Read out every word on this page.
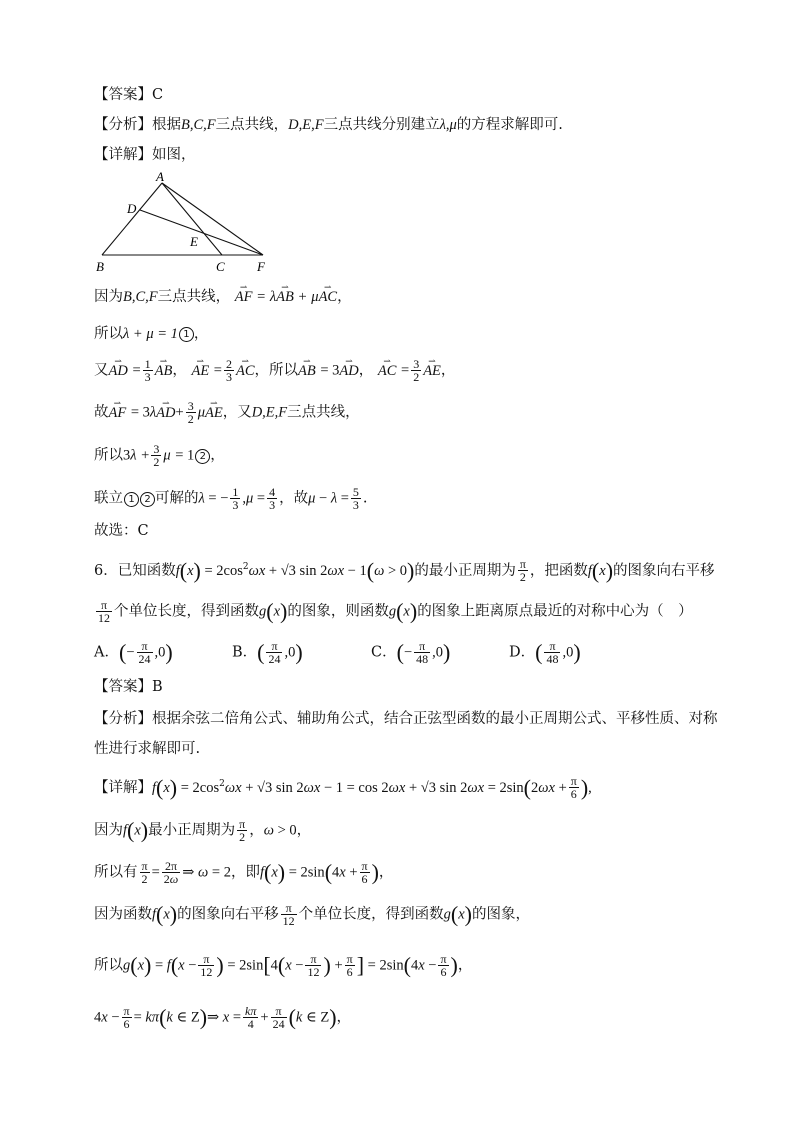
【答案】C
【分析】根据B,C,F三点共线，D,E,F三点共线分别建立λ,μ的方程求解即可.
【详解】如图，
A
D
E
B	C F
因为B,C,F三点共线， ⇀ AF = λ⇀ AB + μ⇀ AC，
所以λ + μ = 1 1 ，
又⇀ AD = $\frac{1}{3}$ ⇀ AB， ⇀ AE = $\frac{2}{3}$ ⇀ AC，所以⇀ AB = 3⇀ AD， ⇀ AC = $\frac{3}{2}$ ⇀ AE，
故⇀ AF = 3λ⇀ $AD+ \frac{3}{2}$ μ⇀ AE，又D,E,F三点共线，
所以$3\lambda + \frac{3}{2}$ μ = 1 2 ，
联立 1 2 可解的λ = − $\frac{1}{3} ,\mu = \frac{4}{3}$ ，故$\mu - \lambda = \frac{5}{3}$ .
故选：C
6．已知函数$f(x) = 2\cos^2\omega x + √3$ sin 2ωx − 1(ω > 0)的最小正周期为 $\frac{\pi}{2}$ ，把函数f(x)的图象向右平移
$\frac{\pi}{12}$ 个单位长度，得到函数g(x)的图象，则函数g(x)的图象上距离原点最近的对称中心为（　）
A．(− $\frac{\pi}{24} ,0$)	B．( $\frac{\pi}{24} ,0$)	C．(− $\frac{\pi}{48} ,0$)	D．( $\frac{\pi}{48} ,0$)
【答案】B
【分析】根据余弦二倍角公式、辅助角公式，结合正弦型函数的最小正周期公式、平移性质、对称
性进行求解即可.
【详解】$f(x) = 2\cos^2\omega x + √3$ sin 2ωx − 1 = cos 2ωx + √3 $\sin 2\omega x = 2\sin(2\omega x + \frac{\pi}{6}$ ),
因为f(x)最小正周期为 $\frac{\pi}{2}$ ，ω > 0，
所以有 $\frac{\pi}{2} = \frac{2\pi}{2\omega}$ ⇒ ω = 2，即$f(x) = 2\sin(4x + \frac{\pi}{6}$ )，
因为函数f(x)的图象向右平移 $\frac{\pi}{12}$ 个单位长度，得到函数g(x)的图象，
所以$g(x) = f(x - \frac{\pi}{12}$ ) = $2\sin[4(x - \frac{\pi}{12}$ ) + $\frac{\pi}{6}$ ] = $2\sin(4x - \frac{\pi}{6}$ )，
$4x - \frac{\pi}{6} = k\pi(k$ ∈ Z)⇒ $x = \frac{k\pi}{4} + \frac{\pi}{24} (k$ ∈ Z)，
